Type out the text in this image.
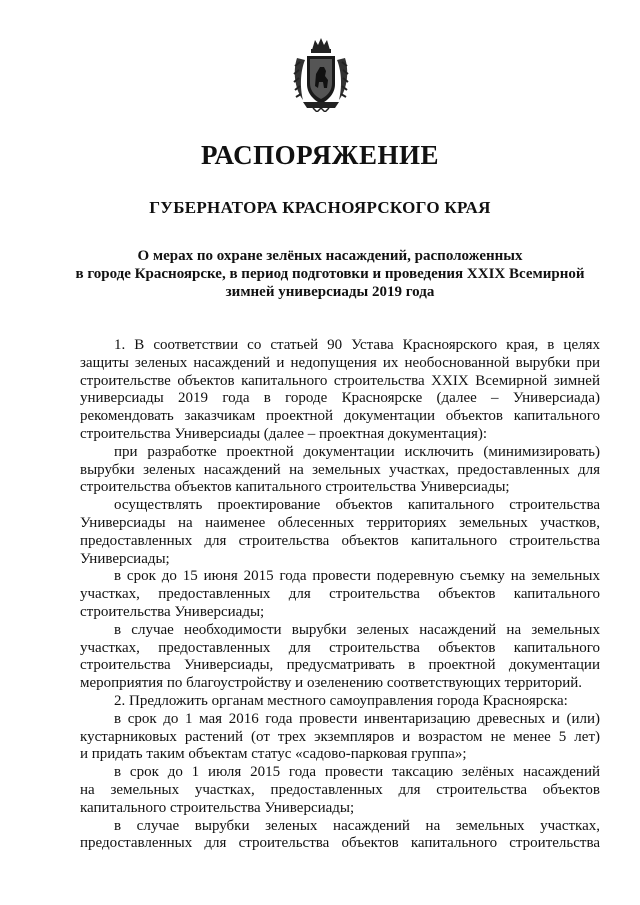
РАСПОРЯЖЕНИЕ
ГУБЕРНАТОРА КРАСНОЯРСКОГО КРАЯ
О мерах по охране зелёных насаждений, расположенных
в городе Красноярске, в период подготовки и проведения XXIX Всемирной
зимней универсиады 2019 года
1. В соответствии со статьей 90 Устава Красноярского края, в целях
защиты зеленых насаждений и недопущения их необоснованной вырубки при
строительстве объектов капитального строительства XXIX Всемирной зимней
универсиады 2019 года в городе Красноярске (далее – Универсиада)
рекомендовать заказчикам проектной документации объектов капитального
строительства Универсиады (далее – проектная документация):
при разработке проектной документации исключить (минимизировать)
вырубки зеленых насаждений на земельных участках, предоставленных для
строительства объектов капитального строительства Универсиады;
осуществлять проектирование объектов капитального строительства
Универсиады на наименее облесенных территориях земельных участков,
предоставленных для строительства объектов капитального строительства
Универсиады;
в срок до 15 июня 2015 года провести подеревную съемку на земельных
участках, предоставленных для строительства объектов капитального
строительства Универсиады;
в случае необходимости вырубки зеленых насаждений на земельных
участках, предоставленных для строительства объектов капитального
строительства Универсиады, предусматривать в проектной документации
мероприятия по благоустройству и озеленению соответствующих территорий.
2. Предложить органам местного самоуправления города Красноярска:
в срок до 1 мая 2016 года провести инвентаризацию древесных и (или)
кустарниковых растений (от трех экземпляров и возрастом не менее 5 лет)
и придать таким объектам статус «садово-парковая группа»;
в срок до 1 июля 2015 года провести таксацию зелёных насаждений
на земельных участках, предоставленных для строительства объектов
капитального строительства Универсиады;
в случае вырубки зеленых насаждений на земельных участках,
предоставленных для строительства объектов капитального строительства
